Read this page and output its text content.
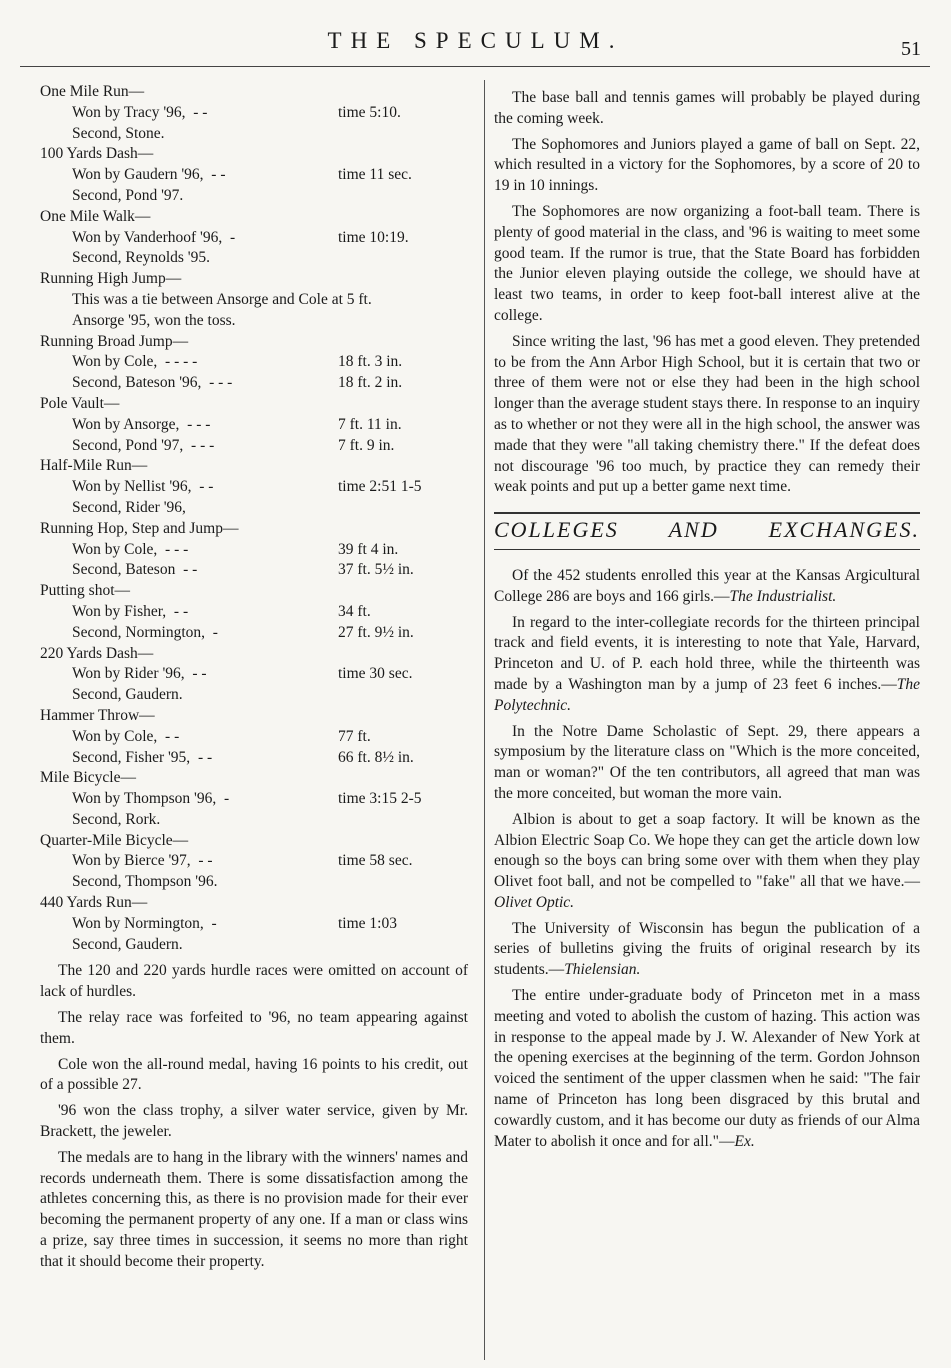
THE SPECULUM.	51
One Mile Run—
Won by Tracy '96, - -	time 5:10.
Second, Stone.

100 Yards Dash—
Won by Gaudern '96, - -	time 11 sec.
Second, Pond '97.

One Mile Walk—
Won by Vanderhoof '96, -	time 10:19.
Second, Reynolds '95.

Running High Jump—
This was a tie between Ansorge and Cole at 5 ft. Ansorge '95, won the toss.
Running Broad Jump—
Won by Cole, - - - -	18 ft. 3 in.
Second, Bateson '96, - - -	18 ft. 2 in.
Pole Vault—
Won by Ansorge, - - -	7 ft. 11 in.
Second, Pond '97, - - -	7 ft. 9 in.
Half-Mile Run—
Won by Nellist '96, - -	time 2:51 1-5
Second, Rider '96,

Running Hop, Step and Jump—
Won by Cole, - - -	39 ft 4 in.
Second, Bateson - -	37 ft. 5½ in.
Putting shot—
Won by Fisher, - -	34 ft.
Second, Normington, -	27 ft. 9½ in.
220 Yards Dash—
Won by Rider '96, - -	time 30 sec.
Second, Gaudern.

Hammer Throw—
Won by Cole, - -	77 ft.
Second, Fisher '95, - -	66 ft. 8½ in.
Mile Bicycle—
Won by Thompson '96, -	time 3:15 2-5
Second, Rork.

Quarter-Mile Bicycle—
Won by Bierce '97, - -	time 58 sec.
Second, Thompson '96.

440 Yards Run—
Won by Normington, -	time 1:03
Second, Gaudern.

The 120 and 220 yards hurdle races were omitted on account of lack of hurdles.

The relay race was forfeited to '96, no team appearing against them.

Cole won the all-round medal, having 16 points to his credit, out of a possible 27.

'96 won the class trophy, a silver water service, given by Mr. Brackett, the jeweler.

The medals are to hang in the library with the winners' names and records underneath them. There is some dissatisfaction among the athletes concerning this, as there is no provision made for their ever becoming the permanent property of any one. If a man or class wins a prize, say three times in succession, it seems no more than right that it should become their property.

The base ball and tennis games will probably be played during the coming week.

The Sophomores and Juniors played a game of ball on Sept. 22, which resulted in a victory for the Sophomores, by a score of 20 to 19 in 10 innings.

The Sophomores are now organizing a foot-ball team. There is plenty of good material in the class, and '96 is waiting to meet some good team. If the rumor is true, that the State Board has forbidden the Junior eleven playing outside the college, we should have at least two teams, in order to keep foot-ball interest alive at the college.

Since writing the last, '96 has met a good eleven. They pretended to be from the Ann Arbor High School, but it is certain that two or three of them were not or else they had been in the high school longer than the average student stays there. In response to an inquiry as to whether or not they were all in the high school, the answer was made that they were "all taking chemistry there." If the defeat does not discourage '96 too much, by practice they can remedy their weak points and put up a better game next time.

COLLEGES AND EXCHANGES.

Of the 452 students enrolled this year at the Kansas Argicultural College 286 are boys and 166 girls.—The Industrialist.

In regard to the inter-collegiate records for the thirteen principal track and field events, it is interesting to note that Yale, Harvard, Princeton and U. of P. each hold three, while the thirteenth was made by a Washington man by a jump of 23 feet 6 inches.—The Polytechnic.

In the Notre Dame Scholastic of Sept. 29, there appears a symposium by the literature class on "Which is the more conceited, man or woman?" Of the ten contributors, all agreed that man was the more conceited, but woman the more vain.

Albion is about to get a soap factory. It will be known as the Albion Electric Soap Co. We hope they can get the article down low enough so the boys can bring some over with them when they play Olivet foot ball, and not be compelled to "fake" all that we have.—Olivet Optic.

The University of Wisconsin has begun the publication of a series of bulletins giving the fruits of original research by its students.—Thielensian.

The entire under-graduate body of Princeton met in a mass meeting and voted to abolish the custom of hazing. This action was in response to the appeal made by J. W. Alexander of New York at the opening exercises at the beginning of the term. Gordon Johnson voiced the sentiment of the upper classmen when he said: "The fair name of Princeton has long been disgraced by this brutal and cowardly custom, and it has become our duty as friends of our Alma Mater to abolish it once and for all."—Ex.
